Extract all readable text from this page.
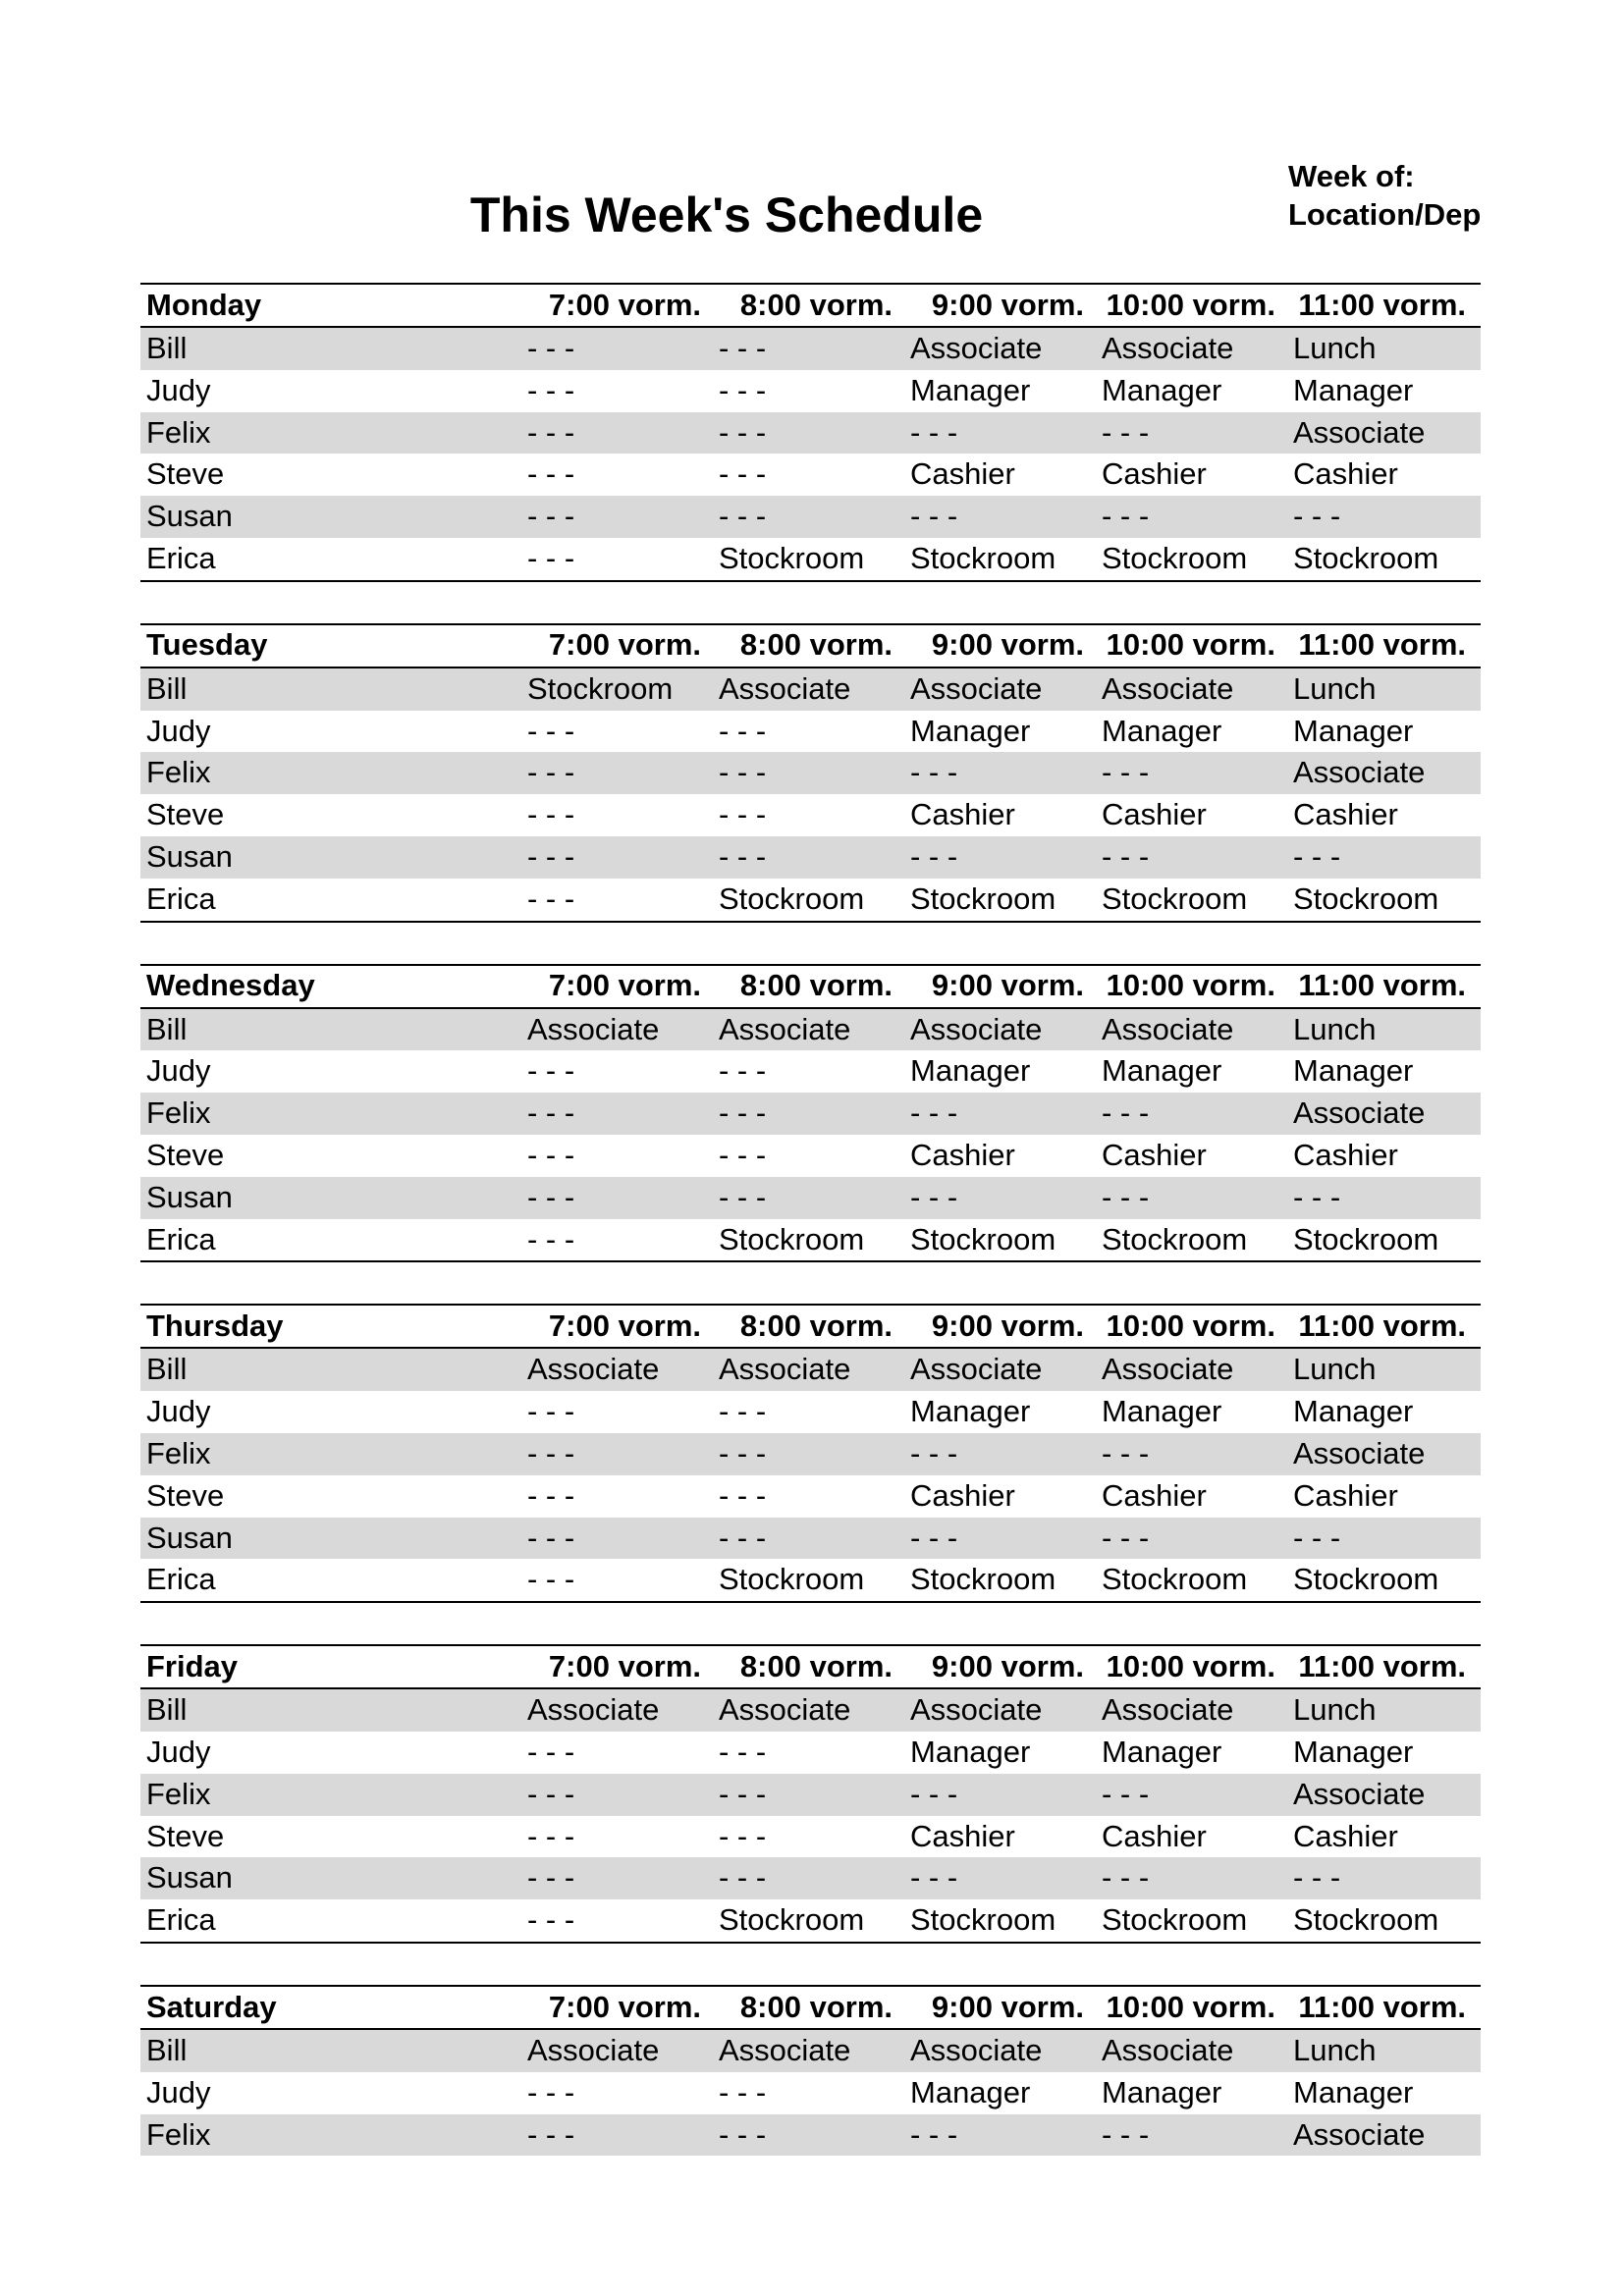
This Week's Schedule
Week of:
Location/Dep
Monday	7:00 vorm.	8:00 vorm.	9:00 vorm. 10:00 vorm. 11:00 vorm.
Bill	- - -	- - -	Associate	Associate	Lunch
Judy	- - -	- - -	Manager	Manager	Manager
Felix	- - -	- - -	- - -	- - -	Associate
Steve	- - -	- - -	Cashier	Cashier	Cashier
Susan	- - -	- - -	- - -	- - -	- - -
Erica	- - -	Stockroom	Stockroom	Stockroom	Stockroom
Tuesday	7:00 vorm.	8:00 vorm.	9:00 vorm. 10:00 vorm. 11:00 vorm.
Bill	Stockroom	Associate	Associate	Associate	Lunch
Judy	- - -	- - -	Manager	Manager	Manager
Felix	- - -	- - -	- - -	- - -	Associate
Steve	- - -	- - -	Cashier	Cashier	Cashier
Susan	- - -	- - -	- - -	- - -	- - -
Erica	- - -	Stockroom	Stockroom	Stockroom	Stockroom
Wednesday	7:00 vorm.	8:00 vorm.	9:00 vorm. 10:00 vorm. 11:00 vorm.
Bill	Associate	Associate	Associate	Associate	Lunch
Judy	- - -	- - -	Manager	Manager	Manager
Felix	- - -	- - -	- - -	- - -	Associate
Steve	- - -	- - -	Cashier	Cashier	Cashier
Susan	- - -	- - -	- - -	- - -	- - -
Erica	- - -	Stockroom	Stockroom	Stockroom	Stockroom
Thursday	7:00 vorm.	8:00 vorm.	9:00 vorm. 10:00 vorm. 11:00 vorm.
Bill	Associate	Associate	Associate	Associate	Lunch
Judy	- - -	- - -	Manager	Manager	Manager
Felix	- - -	- - -	- - -	- - -	Associate
Steve	- - -	- - -	Cashier	Cashier	Cashier
Susan	- - -	- - -	- - -	- - -	- - -
Erica	- - -	Stockroom	Stockroom	Stockroom	Stockroom
Friday	7:00 vorm.	8:00 vorm.	9:00 vorm. 10:00 vorm. 11:00 vorm.
Bill	Associate	Associate	Associate	Associate	Lunch
Judy	- - -	- - -	Manager	Manager	Manager
Felix	- - -	- - -	- - -	- - -	Associate
Steve	- - -	- - -	Cashier	Cashier	Cashier
Susan	- - -	- - -	- - -	- - -	- - -
Erica	- - -	Stockroom	Stockroom	Stockroom	Stockroom
Saturday	7:00 vorm.	8:00 vorm.	9:00 vorm. 10:00 vorm. 11:00 vorm.
Bill	Associate	Associate	Associate	Associate	Lunch
Judy	- - -	- - -	Manager	Manager	Manager
Felix	- - -	- - -	- - -	- - -	Associate
